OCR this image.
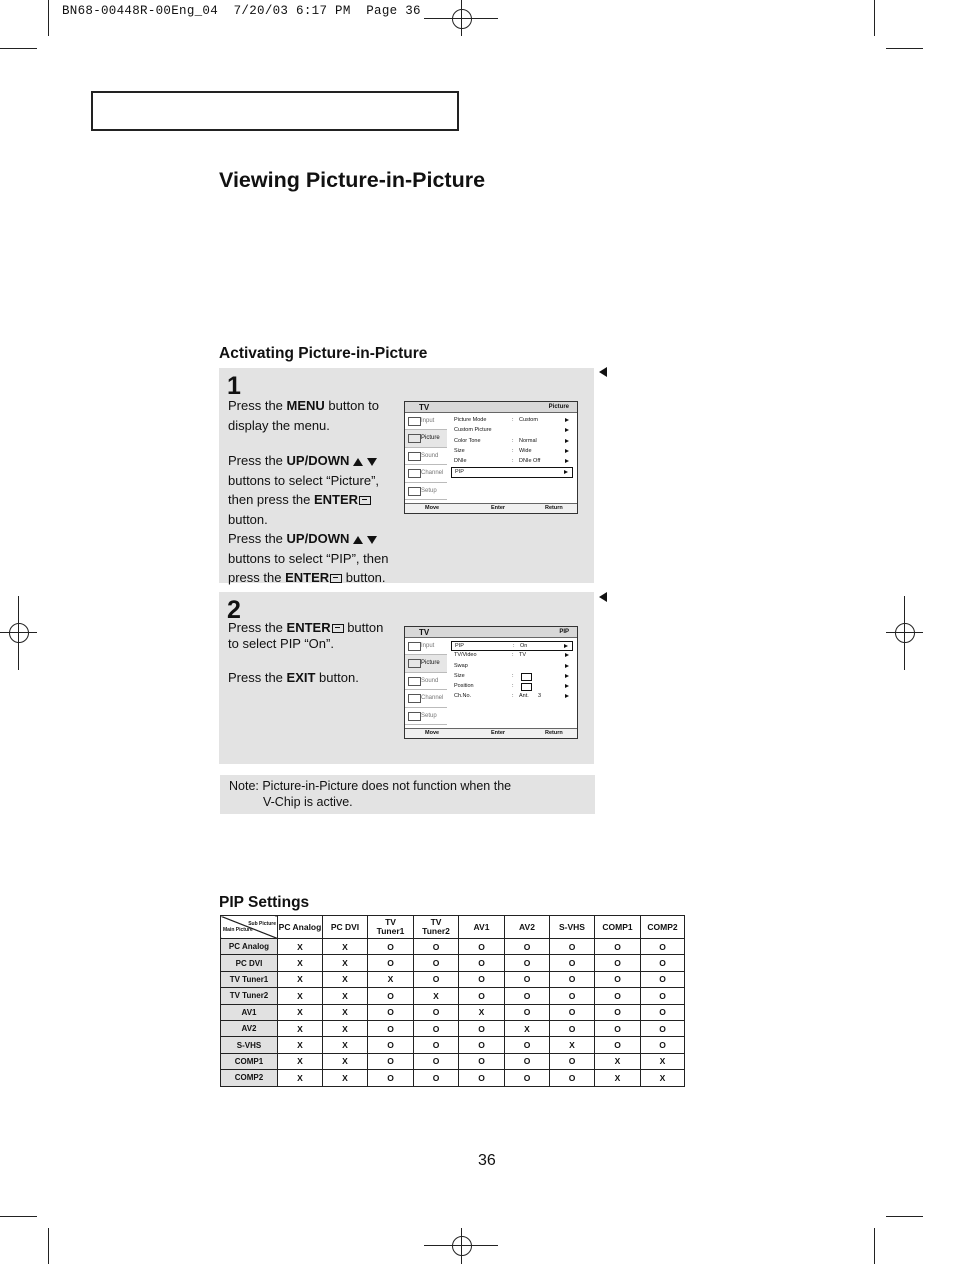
BN68-00448R-00Eng_04  7/20/03 6:17 PM  Page 36
Viewing Picture-in-Picture
Activating Picture-in-Picture
1

Press the MENU button to display the menu.

Press the UP/DOWN
buttons to select “Picture”, then press the ENTER
button.

Press the UP/DOWN
buttons to select “PIP”, then press the ENTER button.

TV	Picture
Input
Picture
Sound
Channel
Setup
Picture Mode	: Custom
Custom Picture
Color Tone	: Normal
Size	: Wide
DNIe	: DNIe Off
PIP
Move	Enter	Return
2

Press the ENTER button to select PIP “On”.

Press the EXIT button.

TV	PIP
Input
Picture
Sound
Channel
Setup
PIP	: On
TV/Video	: TV
Swap
Size	:
Position	:
Ch.No.	: Ant.      3
Move	Enter	Return
Note: Picture-in-Picture does not function when the
V-Chip is active.
PIP Settings
Sub Picture
Main Picture	PC Analog	PC DVI	TV Tuner1	TV Tuner2	AV1	AV2	S-VHS	COMP1	COMP2
PC Analog	X	X	O	O	O	O	O	O	O
PC DVI	X	X	O	O	O	O	O	O	O
TV Tuner1	X	X	X	O	O	O	O	O	O
TV Tuner2	X	X	O	X	O	O	O	O	O
AV1	X	X	O	O	X	O	O	O	O
AV2	X	X	O	O	O	X	O	O	O
S-VHS	X	X	O	O	O	O	X	O	O
COMP1	X	X	O	O	O	O	O	X	X
COMP2	X	X	O	O	O	O	O	X	X
36
